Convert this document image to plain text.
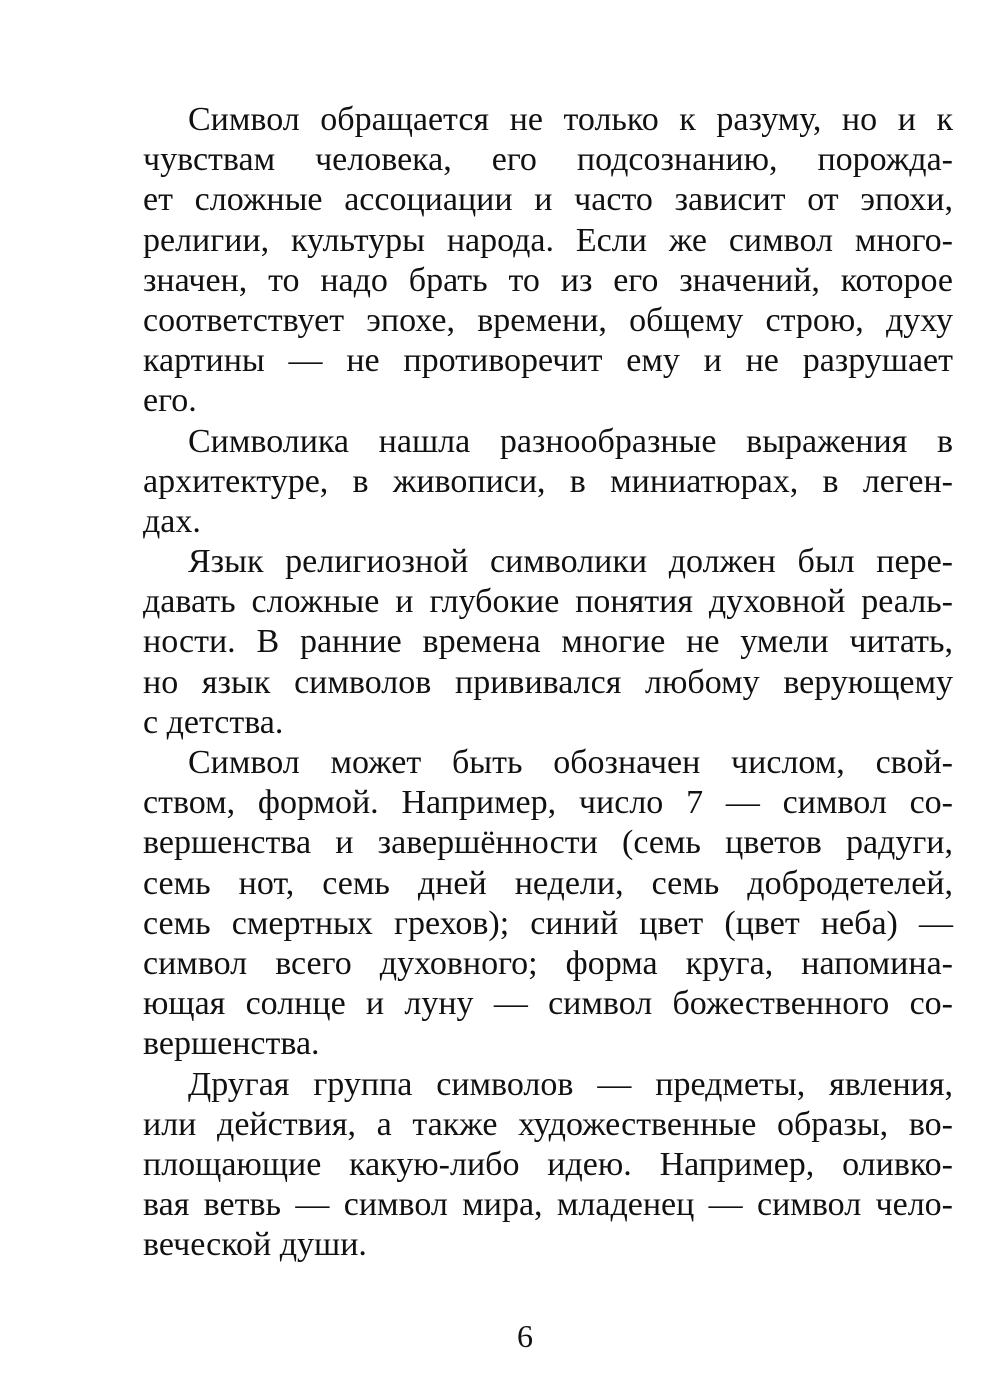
Символ обращается не только к разуму, но и к
чувствам человека, его подсознанию, порожда-
ет сложные ассоциации и часто зависит от эпохи,
религии, культуры народа. Если же символ много-
значен, то надо брать то из его значений, которое
соответствует эпохе, времени, общему строю, духу
картины — не противоречит ему и не разрушает
его.
Символика нашла разнообразные выражения в
архитектуре, в живописи, в миниатюрах, в леген-
дах.
Язык религиозной символики должен был пере-
давать сложные и глубокие понятия духовной реаль-
ности. В ранние времена многие не умели читать,
но язык символов прививался любому верующему
с детства.
Символ может быть обозначен числом, свой-
ством, формой. Например, число 7 — символ со-
вершенства и завершённости (семь цветов радуги,
семь нот, семь дней недели, семь добродетелей,
семь смертных грехов); синий цвет (цвет неба) —
символ всего духовного; форма круга, напомина-
ющая солнце и луну — символ божественного со-
вершенства.
Другая группа символов — предметы, явления,
или действия, а также художественные образы, во-
площающие какую-либо идею. Например, оливко-
вая ветвь — символ мира, младенец — символ чело-
веческой души.
6
